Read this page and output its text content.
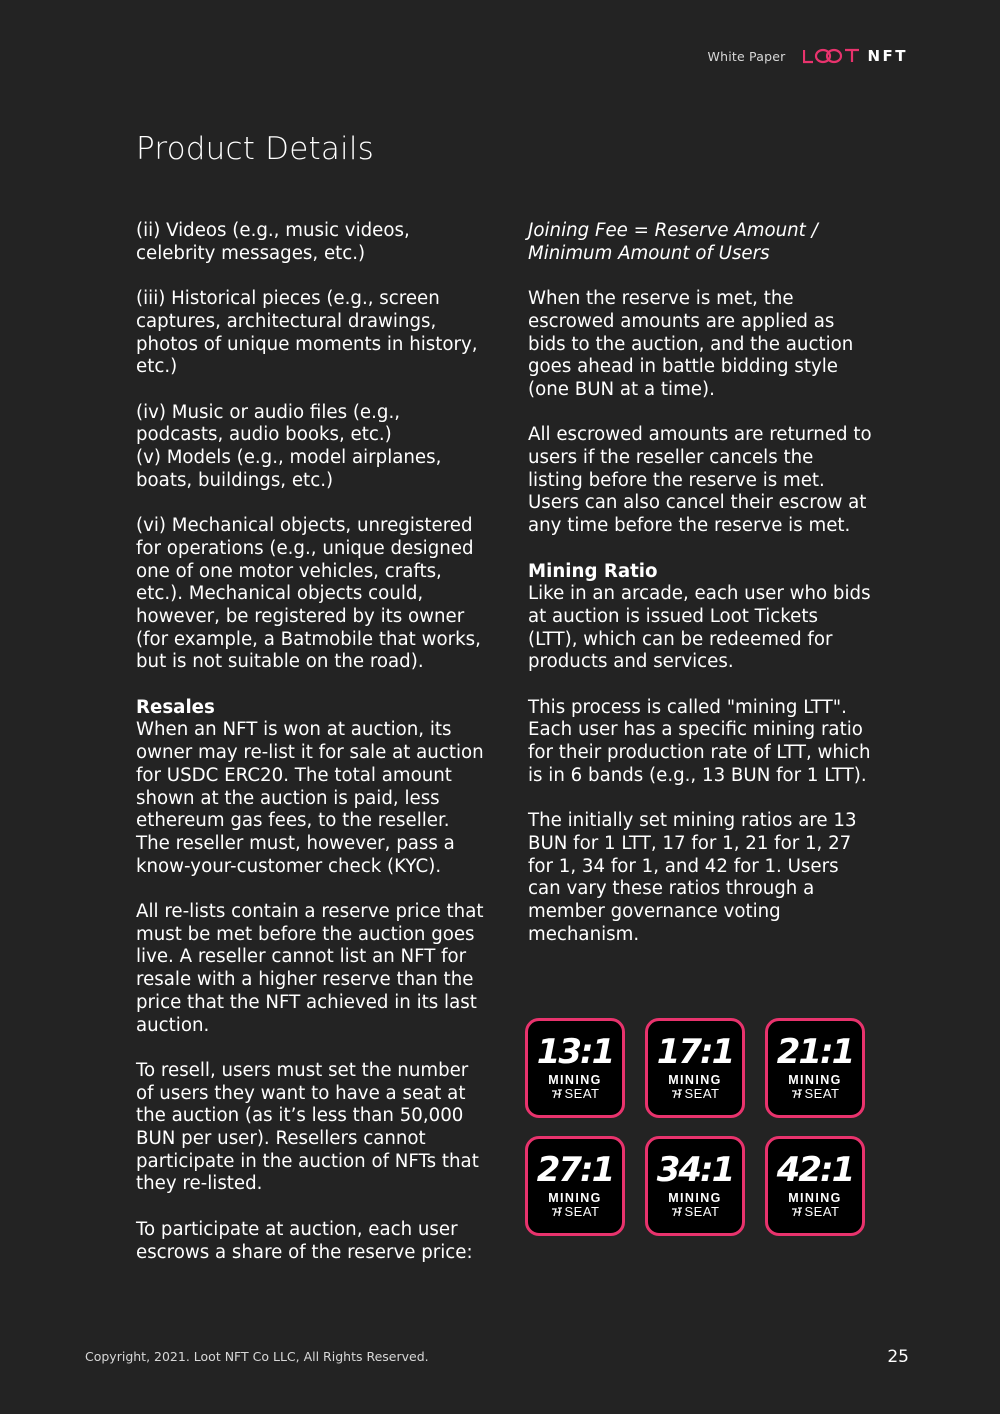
White Paper	NFT
Product Details

(ii) Videos (e.g., music videos, celebrity messages, etc.)

(iii) Historical pieces (e.g., screen captures, architectural drawings, photos of unique moments in history, etc.)

(iv) Music or audio files (e.g., podcasts, audio books, etc.)

(v) Models (e.g., model airplanes, boats, buildings, etc.)

(vi) Mechanical objects, unregistered for operations (e.g., unique designed one of one motor vehicles, crafts, etc.). Mechanical objects could, however, be registered by its owner (for example, a Batmobile that works, but is not suitable on the road).

Resales

When an NFT is won at auction, its owner may re-list it for sale at auction for USDC ERC20. The total amount shown at the auction is paid, less ethereum gas fees, to the reseller. The reseller must, however, pass a know-your-customer check (KYC).

All re-lists contain a reserve price that must be met before the auction goes live. A reseller cannot list an NFT for resale with a higher reserve than the price that the NFT achieved in its last auction.

To resell, users must set the number of users they want to have a seat at the auction (as it’s less than 50,000 BUN per user). Resellers cannot participate in the auction of NFTs that they re-listed.

To participate at auction, each user escrows a share of the reserve price:

Joining Fee = Reserve Amount / Minimum Amount of Users

When the reserve is met, the escrowed amounts are applied as bids to the auction, and the auction goes ahead in battle bidding style (one BUN at a time).

All escrowed amounts are returned to users if the reseller cancels the listing before the reserve is met. Users can also cancel their escrow at any time before the reserve is met.

Mining Ratio

Like in an arcade, each user who bids at auction is issued Loot Tickets (LTT), which can be redeemed for products and services.

This process is called "mining LTT". Each user has a specific mining ratio for their production rate of LTT, which is in 6 bands (e.g., 13 BUN for 1 LTT).

The initially set mining ratios are 13 BUN for 1 LTT, 17 for 1, 21 for 1, 27 for 1, 34 for 1, and 42 for 1. Users can vary these ratios through a member governance voting mechanism.

13:1
MINING
SEAT
17:1
MINING
SEAT
21:1
MINING
SEAT
27:1
MINING
SEAT
34:1
MINING
SEAT
42:1
MINING
SEAT
Copyright, 2021. Loot NFT Co LLC, All Rights Reserved.	25
